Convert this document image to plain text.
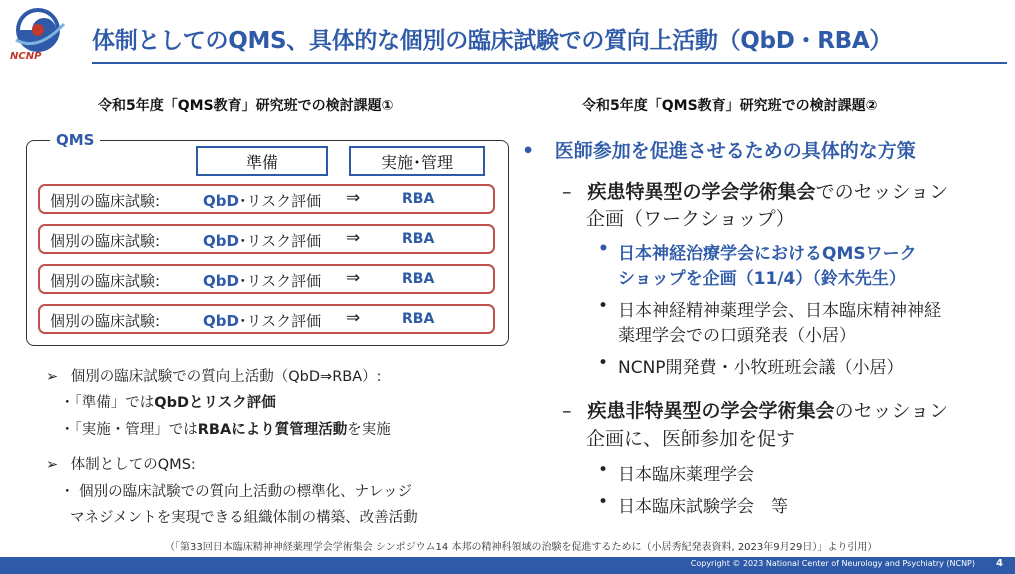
NCNP
体制としてのQMS、具体的な個別の臨床試験での質向上活動（QbD・RBA）
令和5年度「QMS教育」研究班での検討課題①
QMS
準備	実施･管理
個別の臨床試験:	QbD･リスク評価 ⇒	RBA
個別の臨床試験:	QbD･リスク評価 ⇒	RBA
個別の臨床試験:	QbD･リスク評価 ⇒	RBA
個別の臨床試験:	QbD･リスク評価 ⇒	RBA
➢ 個別の臨床試験での質向上活動（QbD⇒RBA）:
・「準備」ではQbDとリスク評価
・「実施・管理」ではRBAにより質管理活動を実施
➢ 体制としてのQMS:
・ 個別の臨床試験での質向上活動の標準化、ナレッジ
マネジメントを実現できる組織体制の構築、改善活動
令和5年度「QMS教育」研究班での検討課題②
• 医師参加を促進させるための具体的な方策
– 疾患特異型の学会学術集会でのセッション
企画（ワークショップ）
• 日本神経治療学会におけるQMSワーク
ショップを企画（11/4）（鈴木先生）
• 日本神経精神薬理学会、日本臨床精神神経
薬理学会での口頭発表（小居）
• NCNP開発費・小牧班班会議（小居）
– 疾患非特異型の学会学術集会のセッション
企画に、医師参加を促す
• 日本臨床薬理学会
• 日本臨床試験学会　等
（「第33回日本臨床精神神経薬理学会学術集会 シンポジウム14 本邦の精神科領域の治験を促進するために（小居秀紀発表資料, 2023年9月29日）」より引用）
Copyright © 2023 National Center of Neurology and Psychiatry (NCNP) 4
